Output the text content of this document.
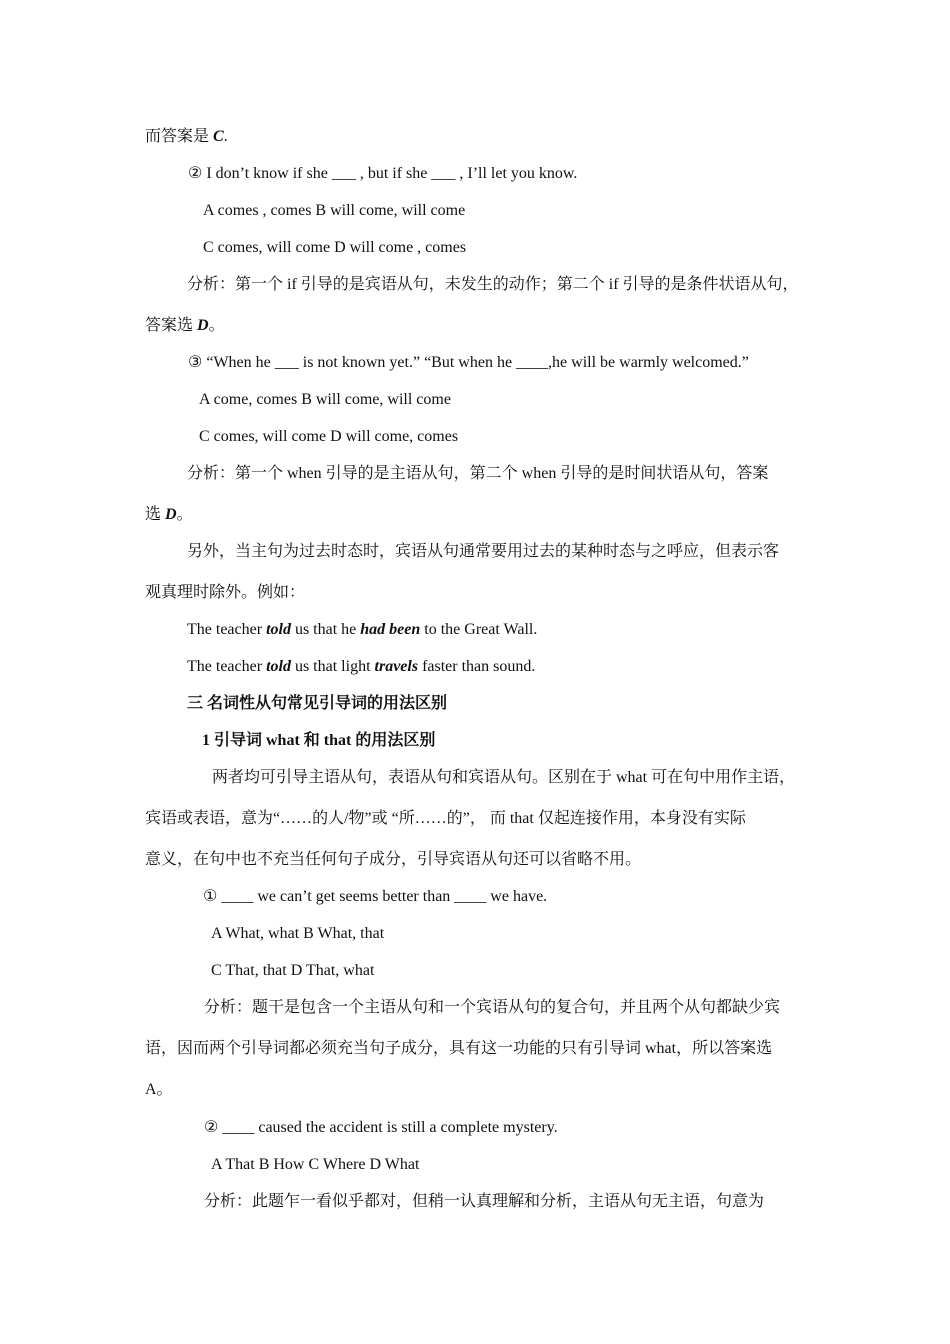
而答案是 C.
② I don’t know if she ___ , but if she ___ , I’ll let you know.
A comes , comes B will come, will come
C comes, will come D will come , comes
分析：第一个 if 引导的是宾语从句，未发生的动作；第二个 if 引导的是条件状语从句，
答案选 D。
③ “When he ___ is not known yet.” “But when he ____,he will be warmly welcomed.”
A come, comes B will come, will come
C comes, will come D will come, comes
分析：第一个 when 引导的是主语从句，第二个 when 引导的是时间状语从句，答案
选 D。
另外，当主句为过去时态时，宾语从句通常要用过去的某种时态与之呼应，但表示客
观真理时除外。例如：
The teacher told us that he had been to the Great Wall.
The teacher told us that light travels faster than sound.
三 名词性从句常见引导词的用法区别
1 引导词 what 和 that 的用法区别
两者均可引导主语从句，表语从句和宾语从句。区别在于 what 可在句中用作主语，
宾语或表语，意为“……的人/物”或 “所……的”， 而 that 仅起连接作用，本身没有实际
意义，在句中也不充当任何句子成分，引导宾语从句还可以省略不用。
① ____ we can’t get seems better than ____ we have.
A What, what B What, that
C That, that D That, what
分析：题干是包含一个主语从句和一个宾语从句的复合句，并且两个从句都缺少宾
语，因而两个引导词都必须充当句子成分，具有这一功能的只有引导词 what，所以答案选
A。
② ____ caused the accident is still a complete mystery.
A That B How C Where D What
分析：此题乍一看似乎都对，但稍一认真理解和分析，主语从句无主语，句意为
